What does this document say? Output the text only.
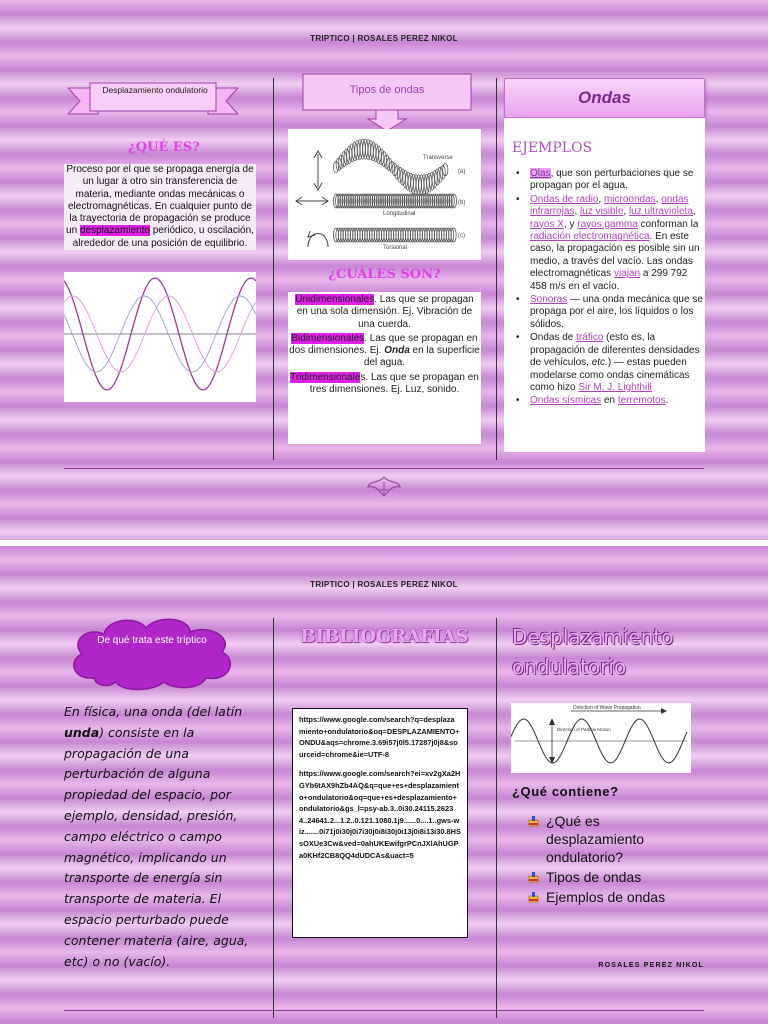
TRIPTICO | ROSALES PEREZ NIKOL
Desplazamiento ondulatorio
¿QUÉ ES?
Proceso por el que se propaga energía de un lugar a otro sin transferencia de materia, mediante ondas mecánicas o electromagnéticas. En cualquier punto de la trayectoria de propagación se produce un desplazamiento periódico, u oscilación, alrededor de una posición de equilibrio.
Tipos de ondas
Transverse
(a)
Longitudinal
(b)
Torsional
(c)
¿CUÁLES SON?
Unidimensionales. Las que se propagan en una sola dimensión. Ej. Vibración de una cuerda.
Bidimensionales. Las que se propagan en dos dimensiones. Ej. Onda en la superficie del agua.
Tridimensionales. Las que se propagan en tres dimensiones. Ej. Luz, sonido.
Ondas
EJEMPLOS
• Olas, que son perturbaciones que se propagan por el agua.
• Ondas de radio, microondas, ondas infrarrojas, luz visible, luz ultravioleta, rayos X, y rayos gamma conforman la radiación electromagnética. En este caso, la propagación es posible sin un medio, a través del vacío. Las ondas electromagnéticas viajan a 299 792 458 m/s en el vacío.
• Sonoras — una onda mecánica que se propaga por el aire, los líquidos o los sólidos.
• Ondas de tráfico (esto es, la propagación de diferentes densidades de vehículos, etc.) — estas pueden modelarse como ondas cinemáticas como hizo Sir M. J. Lighthill
• Ondas sísmicas en terremotos.
TRIPTICO | ROSALES PEREZ NIKOL
De qué trata este tríptico
En física, una onda (del latín unda) consiste en la propagación de una perturbación de alguna propiedad del espacio, por ejemplo, densidad, presión, campo eléctrico o campo magnético, implicando un transporte de energía sin transporte de materia. El espacio perturbado puede contener materia (aire, agua, etc) o no (vacío).
BIBLIOGRAFIAS
https://www.google.com/search?q=desplazamiento+ondulatorio&oq=DESPLAZAMIENTO+ONDU&aqs=chrome.3.69i57j0l5.17287j0j8&sourceid=chrome&ie=UTF-8
https://www.google.com/search?ei=xv2gXa2HGYb6tAX9hZb4AQ&q=que+es+desplazamiento+ondulatorio&oq=que+es+desplazamiento+ondulatorio&gs_l=psy-ab.3..0i30.24115.26234..24641.2...1.2..0.121.1080.1j9......0....1..gws-wiz.......0i71j0i30j0i7i30j0i8i30j0i13j0i8i13i30.8HSsOXUe3Cw&ved=0ahUKEwifgrPCnJXlAhUGPa0KHf2CB8QQ4dUDCAs&uact=5
Desplazamiento
ondulatorio
Direction of Wave Propagation
Direction of Particle Motion
¿Qué contiene?
¿Qué es desplazamiento ondulatorio?
Tipos de ondas
Ejemplos de ondas
ROSALES PEREZ NIKOL
